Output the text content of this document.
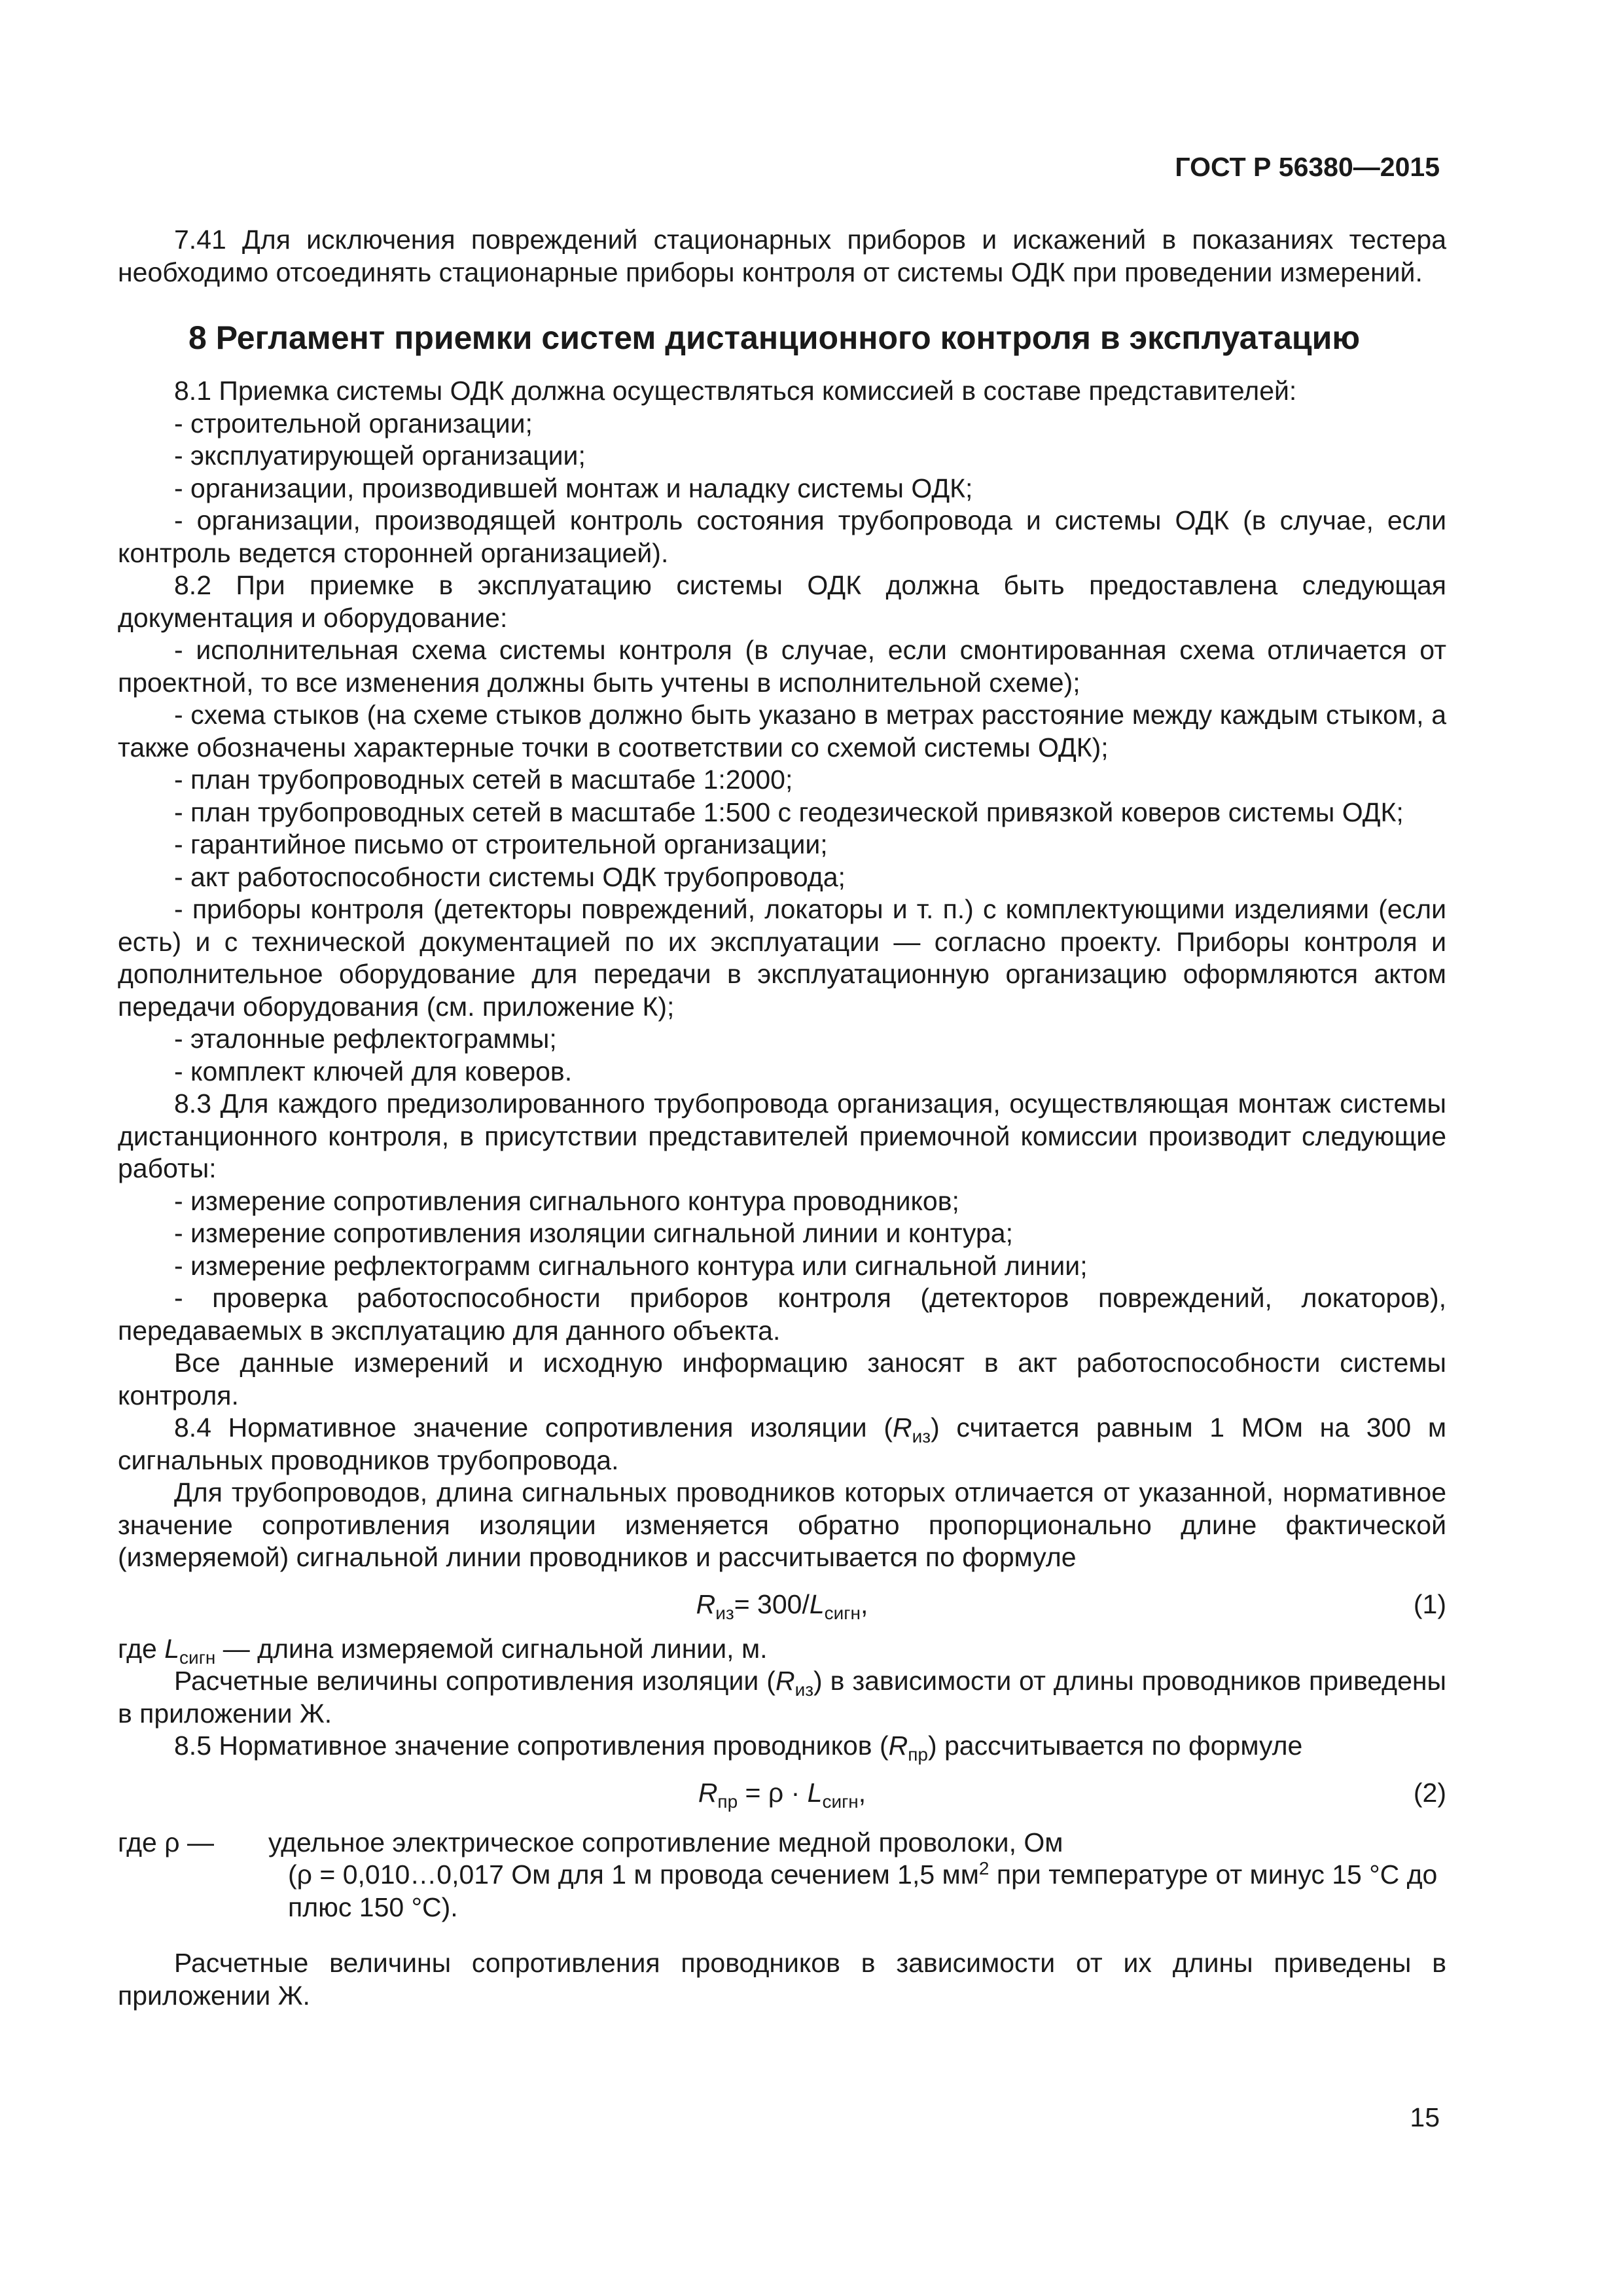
ГОСТ Р 56380—2015

7.41 Для исключения повреждений стационарных приборов и искажений в показаниях тестера необходимо отсоединять стационарные приборы контроля от системы ОДК при проведении измерений.

8 Регламент приемки систем дистанционного контроля в эксплуатацию

8.1 Приемка системы ОДК должна осуществляться комиссией в составе представителей:

- строительной организации;

- эксплуатирующей организации;

- организации, производившей монтаж и наладку системы ОДК;

- организации, производящей контроль состояния трубопровода и системы ОДК (в случае, если контроль ведется сторонней организацией).

8.2 При приемке в эксплуатацию системы ОДК должна быть предоставлена следующая документация и оборудование:

- исполнительная схема системы контроля (в случае, если смонтированная схема отличается от проектной, то все изменения должны быть учтены в исполнительной схеме);

- схема стыков (на схеме стыков должно быть указано в метрах расстояние между каждым стыком, а также обозначены характерные точки в соответствии со схемой системы ОДК);

- план трубопроводных сетей в масштабе 1:2000;

- план трубопроводных сетей в масштабе 1:500 с геодезической привязкой коверов системы ОДК;

- гарантийное письмо от строительной организации;

- акт работоспособности системы ОДК трубопровода;

- приборы контроля (детекторы повреждений, локаторы и т. п.) с комплектующими изделиями (если есть) и с технической документацией по их эксплуатации — согласно проекту. Приборы контроля и дополнительное оборудование для передачи в эксплуатационную организацию оформляются актом передачи оборудования (см. приложение К);

- эталонные рефлектограммы;

- комплект ключей для коверов.

8.3 Для каждого предизолированного трубопровода организация, осуществляющая монтаж системы дистанционного контроля, в присутствии представителей приемочной комиссии производит следующие работы:

- измерение сопротивления сигнального контура проводников;

- измерение сопротивления изоляции сигнальной линии и контура;

- измерение рефлектограмм сигнального контура или сигнальной линии;

- проверка работоспособности приборов контроля (детекторов повреждений, локаторов), передаваемых в эксплуатацию для данного объекта.

Все данные измерений и исходную информацию заносят в акт работоспособности системы контроля.

8.4 Нормативное значение сопротивления изоляции $(R_{из})$ считается равным 1 МОм на 300 м сигнальных проводников трубопровода.

Для трубопроводов, длина сигнальных проводников которых отличается от указанной, нормативное значение сопротивления изоляции изменяется обратно пропорционально длине фактической (измеряемой) сигнальной линии проводников и рассчитывается по формуле

$R_{из}= 300/L_{сигн}$,	(1)

где $L_{сигн}$ — длина измеряемой сигнальной линии, м.

Расчетные величины сопротивления изоляции $(R_{из})$ в зависимости от длины проводников приведены в приложении Ж.

8.5 Нормативное значение сопротивления проводников $(R_{пр})$ рассчитывается по формуле

$R_{пр} = \rho \cdot L_{сигн}$,	(2)
где ρ — удельное электрическое сопротивление медной проволоки, Ом
(ρ = 0,010…0,017 Ом для 1 м провода сечением 1,5 $мм^2$ при температуре от минус 15 °С до плюс 150 °С).

Расчетные величины сопротивления проводников в зависимости от их длины приведены в приложении Ж.

15
